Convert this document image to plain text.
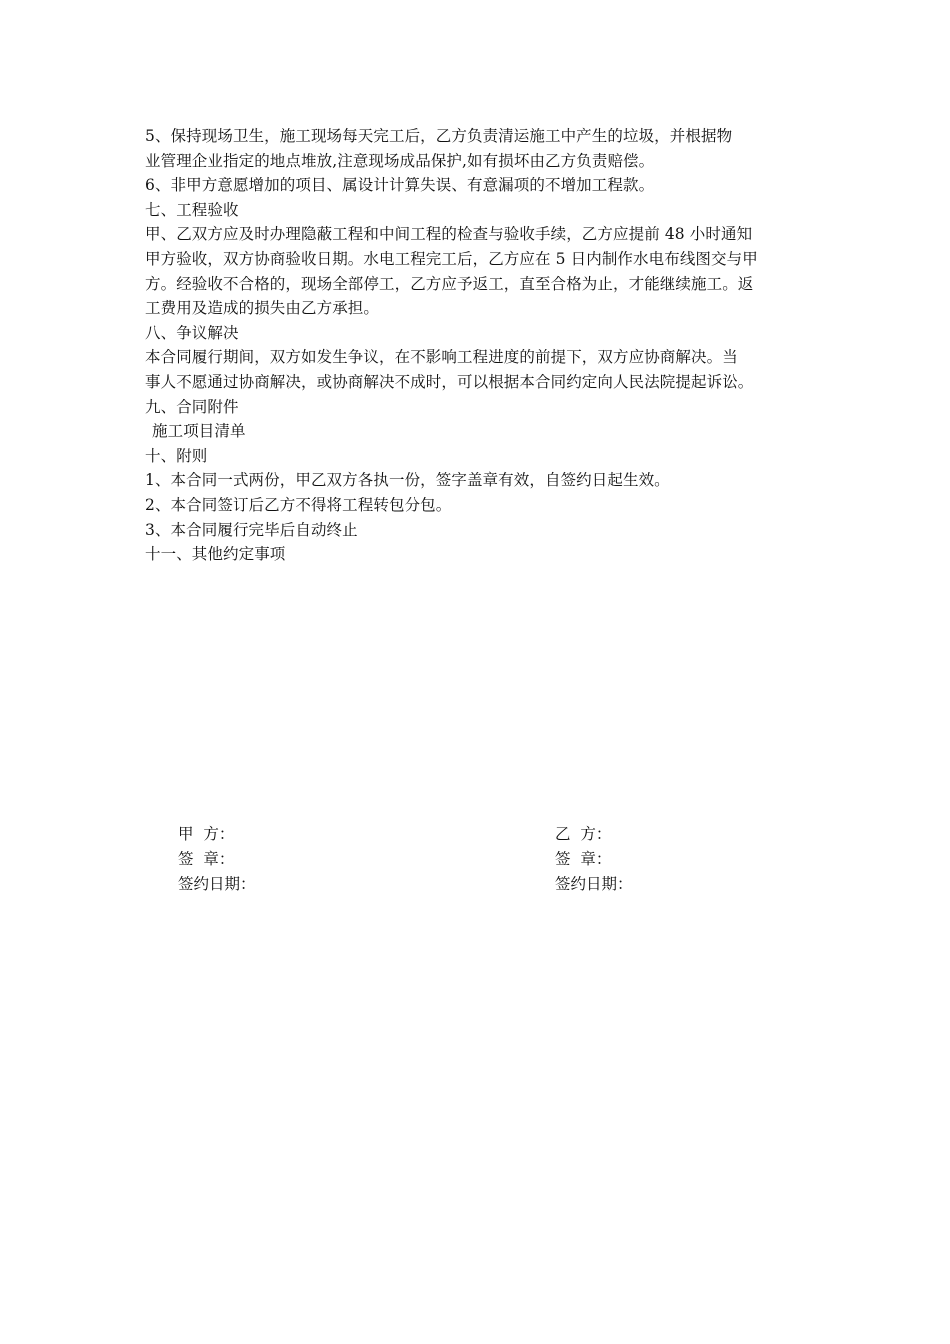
5、保持现场卫生，施工现场每天完工后，乙方负责清运施工中产生的垃圾，并根据物
业管理企业指定的地点堆放,注意现场成品保护,如有损坏由乙方负责赔偿。
6、非甲方意愿增加的项目、属设计计算失误、有意漏项的不增加工程款。
七、工程验收
甲、乙双方应及时办理隐蔽工程和中间工程的检查与验收手续，乙方应提前 48 小时通知
甲方验收，双方协商验收日期。水电工程完工后，乙方应在 5 日内制作水电布线图交与甲
方。经验收不合格的，现场全部停工，乙方应予返工，直至合格为止，才能继续施工。返
工费用及造成的损失由乙方承担。
八、争议解决
本合同履行期间，双方如发生争议，在不影响工程进度的前提下，双方应协商解决。当
事人不愿通过协商解决，或协商解决不成时，可以根据本合同约定向人民法院提起诉讼。
九、合同附件
施工项目清单
十、附则
1、本合同一式两份，甲乙双方各执一份，签字盖章有效，自签约日起生效。
2、本合同签订后乙方不得将工程转包分包。
3、本合同履行完毕后自动终止
十一、其他约定事项
甲  方：
签  章：
签约日期：
乙  方：
签  章：
签约日期：
